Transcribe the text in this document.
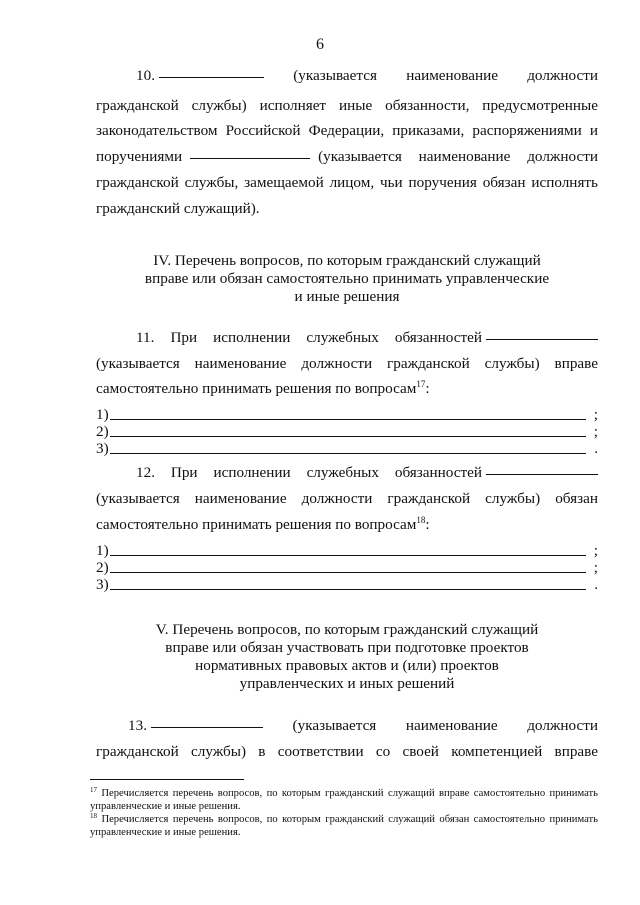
6
10.	(указывается наименование должности
гражданской службы) исполняет иные обязанности, предусмотренные
законодательством Российской Федерации, приказами, распоряжениями и
поручениями	(указывается наименование должности
гражданской службы, замещаемой лицом, чьи поручения обязан исполнять
гражданский служащий).
IV. Перечень вопросов, по которым гражданский служащий
вправе или обязан самостоятельно принимать управленческие
и иные решения
11. При исполнении служебных обязанностей
(указывается наименование должности гражданской службы) вправе
самостоятельно принимать решения по вопросам$^{17}$:
1)	;
2)	;
3)	.
12. При исполнении служебных обязанностей
(указывается наименование должности гражданской службы) обязан
самостоятельно принимать решения по вопросам$^{18}$:
1)	;
2)	;
3)	.
V. Перечень вопросов, по которым гражданский служащий
вправе или обязан участвовать при подготовке проектов
нормативных правовых актов и (или) проектов
управленческих и иных решений
13.	(указывается наименование должности
гражданской службы) в соответствии со своей компетенцией вправе
$^{17}$ Перечисляется перечень вопросов, по которым гражданский служащий вправе самостоятельно принимать управленческие и иные решения.
$^{18}$ Перечисляется перечень вопросов, по которым гражданский служащий обязан самостоятельно принимать управленческие и иные решения.
